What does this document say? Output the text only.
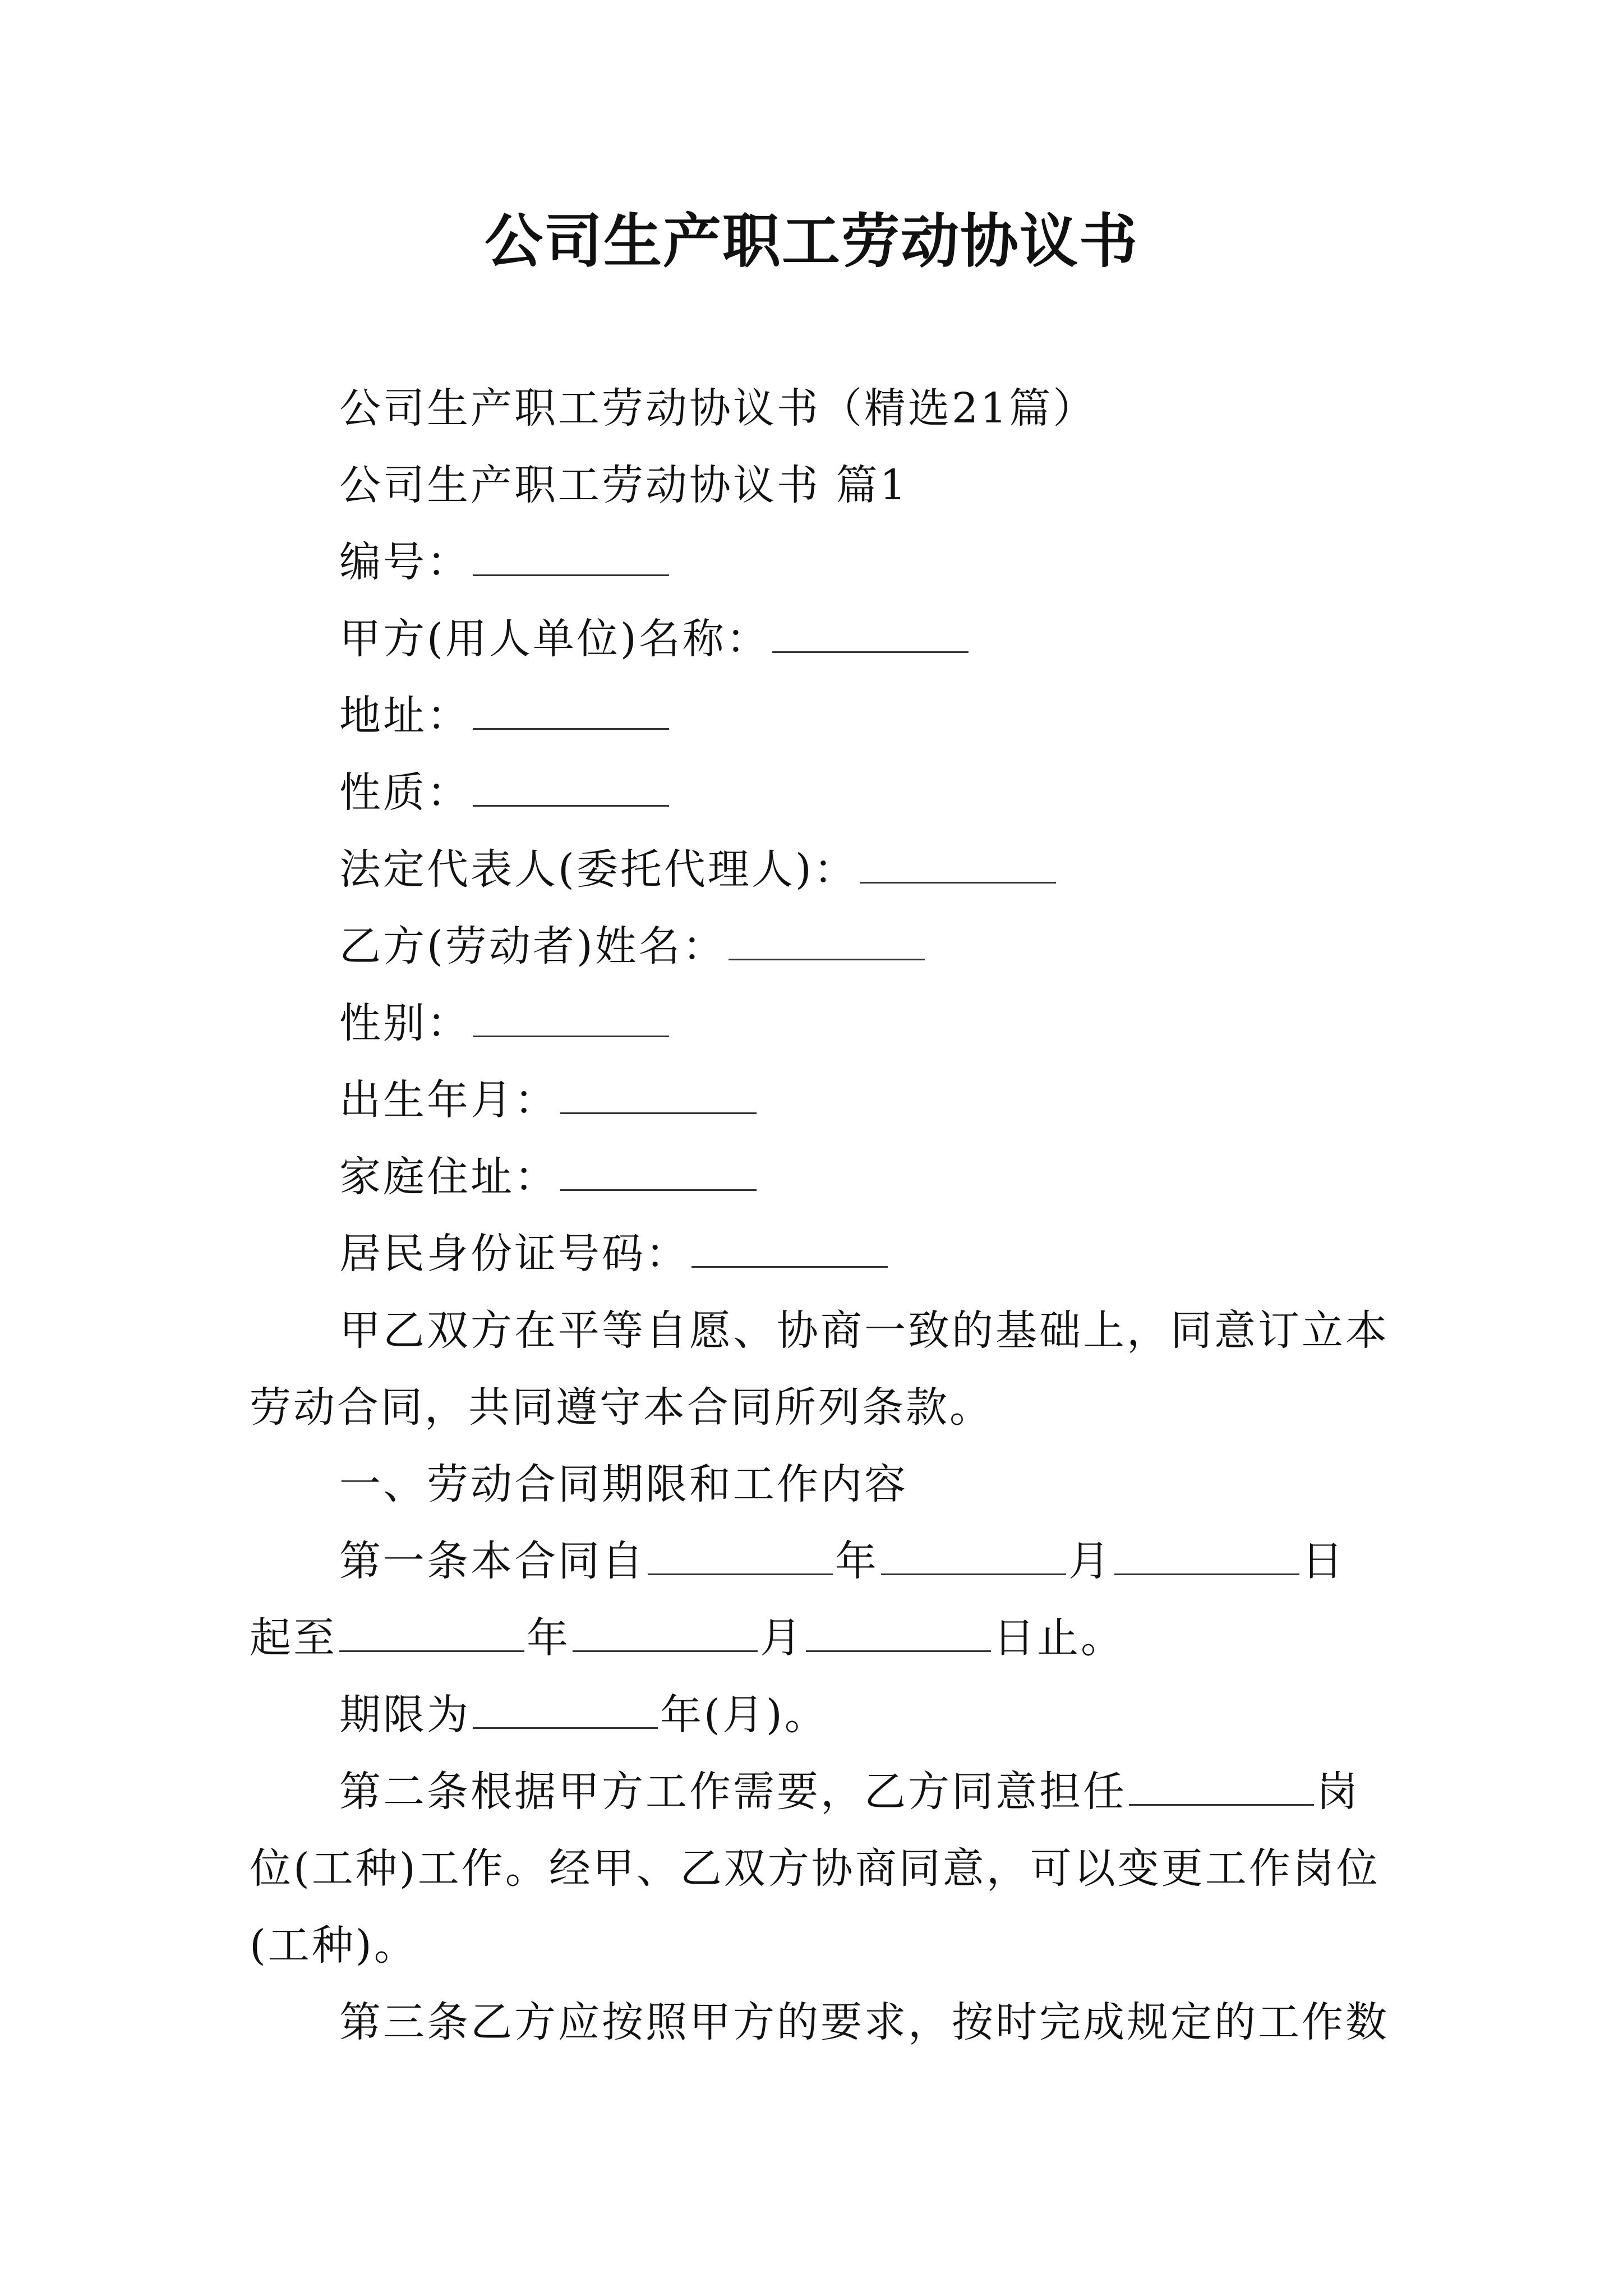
公司生产职工劳动协议书

公司生产职工劳动协议书（精选21篇）

公司生产职工劳动协议书 篇1

编号：

甲方(用人单位)名称：

地址：

性质：

法定代表人(委托代理人)：

乙方(劳动者)姓名：

性别：

出生年月：

家庭住址：

居民身份证号码：

甲乙双方在平等自愿、协商一致的基础上，同意订立本

劳动合同，共同遵守本合同所列条款。

一、劳动合同期限和工作内容

第一条本合同自	年	月	日

起至	年	月	日止。

期限为	年(月)。

第二条根据甲方工作需要，乙方同意担任	岗

位(工种)工作。经甲、乙双方协商同意，可以变更工作岗位

(工种)。

第三条乙方应按照甲方的要求，按时完成规定的工作数
